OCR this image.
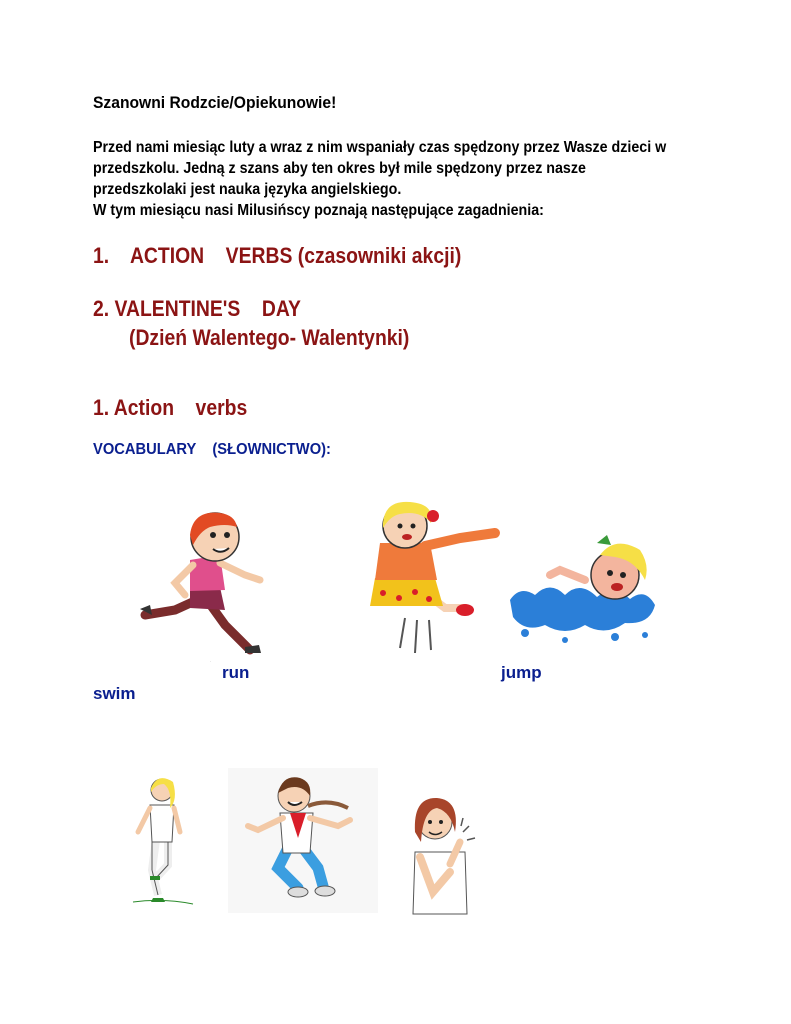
Szanowni Rodzcie/Opiekunowie!
Przed nami miesiąc luty a wraz z nim wspaniały czas spędzony przez Wasze dzieci w
przedszkolu. Jedną z szans aby ten okres był mile spędzony przez nasze
przedszkolaki jest nauka języka angielskiego.
W tym miesiącu nasi Milusińscy poznają następujące zagadnienia:
1.    ACTION    VERBS (czasowniki akcji)
2. VALENTINE'S    DAY
(Dzień Walentego- Walentynki)
1. Action    verbs
VOCABULARY    (SŁOWNICTWO):
.
run	jump
swim
